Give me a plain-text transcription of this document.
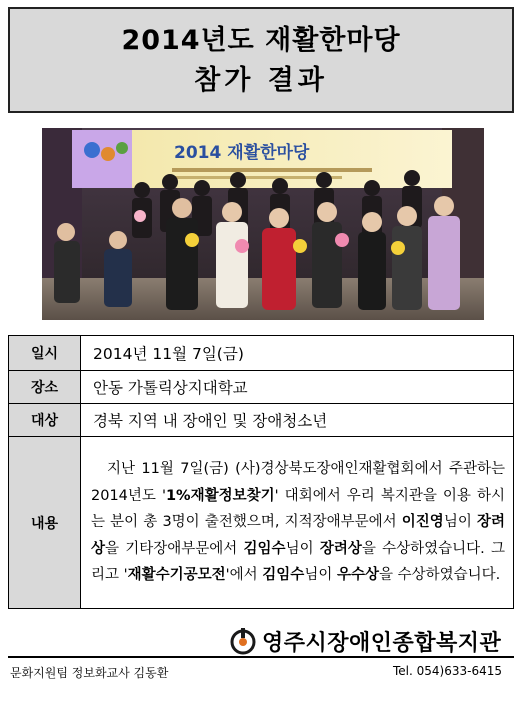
2014년도 재활한마당
참가 결과
2014 재활한마당
일시	2014년 11월 7일(금)
장소	안동 가톨릭상지대학교
대상	경북 지역 내 장애인 및 장애청소년
내용	지난 11월 7일(금) (사)경상북도장애인재활협회에서 주관하는 2014년도 '1%재활정보찾기' 대회에서 우리 복지관을 이용 하시는 분이 총 3명이 출전했으며, 지적장애부문에서 이진영님이 장려상을 기타장애부문에서 김임수님이 장려상을 수상하였습니다. 그리고 '재활수기공모전'에서 김임수님이 우수상을 수상하였습니다.
영주시장애인종합복지관
문화지원팀 정보화교사 김동환	Tel. 054)633-6415
